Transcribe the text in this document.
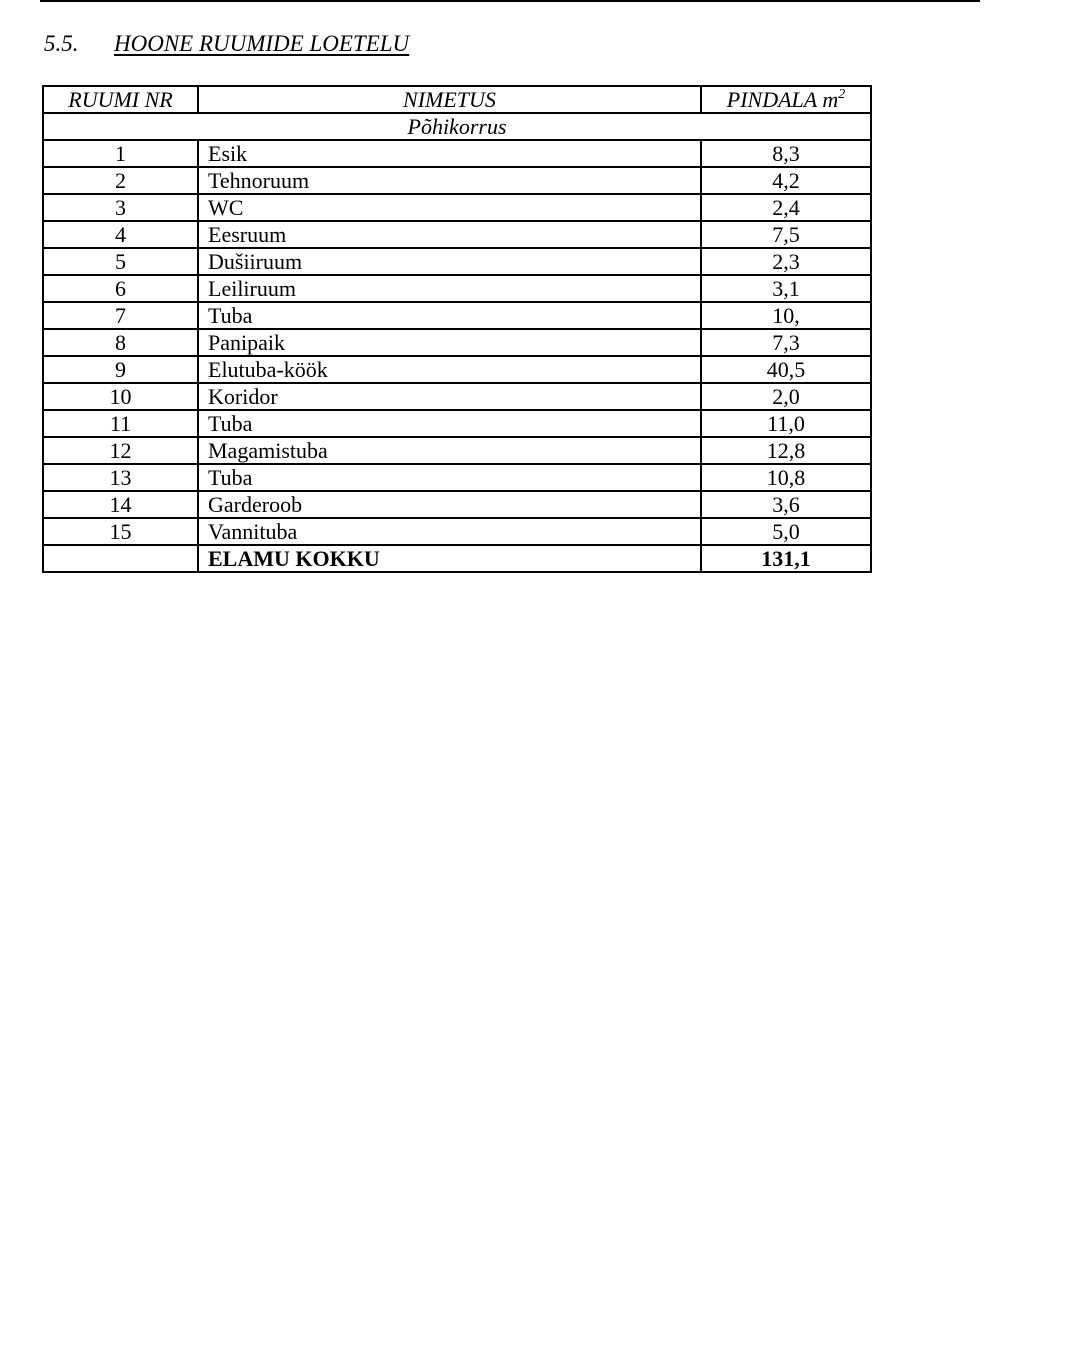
5.5. HOONE RUUMIDE LOETELU
RUUMI NR	NIMETUS	PINDALA $m^2$
Põhikorrus		
1	Esik	8,3
2	Tehnoruum	4,2
3	WC	2,4
4	Eesruum	7,5
5	Dušiiruum	2,3
6	Leiliruum	3,1
7	Tuba	10,
8	Panipaik	7,3
9	Elutuba-köök	40,5
10	Koridor	2,0
11	Tuba	11,0
12	Magamistuba	12,8
13	Tuba	10,8
14	Garderoob	3,6
15	Vannituba	5,0
	ELAMU KOKKU	131,1
